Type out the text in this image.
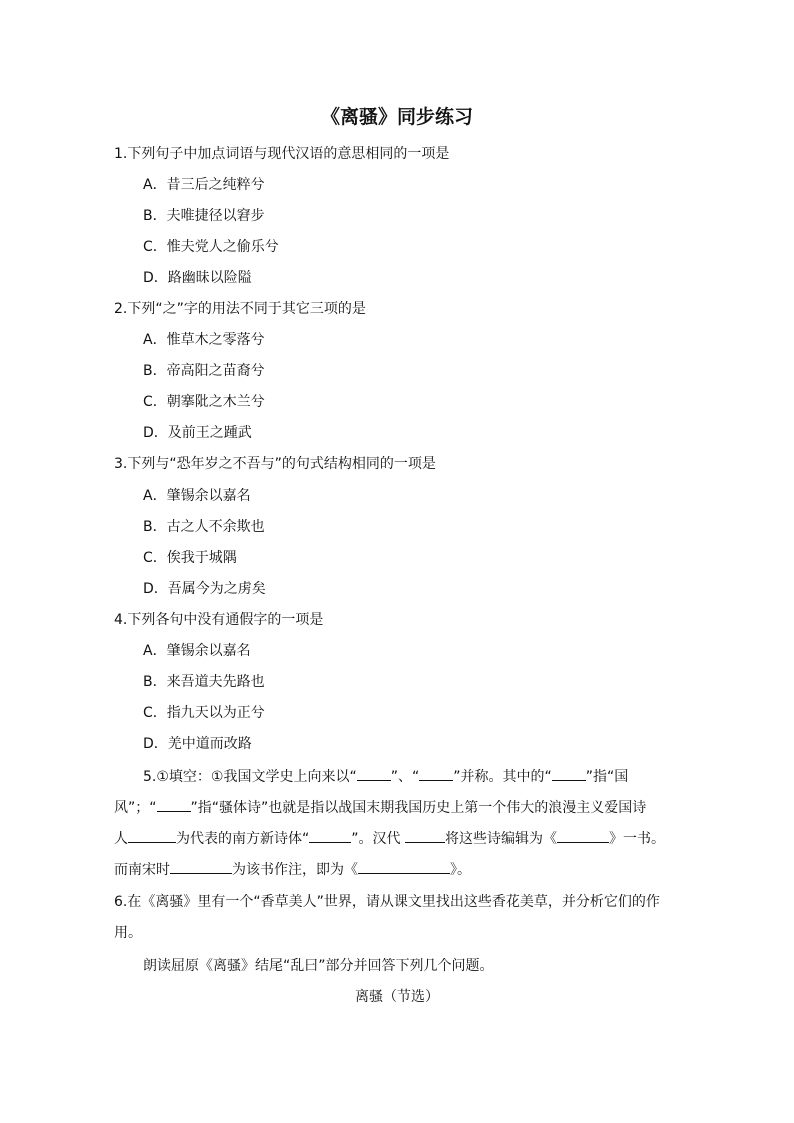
《离骚》同步练习
1.下列句子中加点词语与现代汉语的意思相同的一项是
A．昔三后之纯粹兮
B．夫唯捷径以窘步
C．惟夫党人之偷乐兮
D．路幽昧以险隘
2.下列“之”字的用法不同于其它三项的是
A．惟草木之零落兮
B．帝高阳之苗裔兮
C．朝搴阰之木兰兮
D．及前王之踵武
3.下列与“恐年岁之不吾与”的句式结构相同的一项是
A．肇锡余以嘉名
B．古之人不余欺也
C．俟我于城隅
D．吾属今为之虏矣
4.下列各句中没有通假字的一项是
A．肇锡余以嘉名
B．来吾道夫先路也
C．指九天以为正兮
D．羌中道而改路
5.①填空：①我国文学史上向来以“ ”、“ ”并称。其中的“ ”指“国
风”；“ ”指“骚体诗”也就是指以战国末期我国历史上第一个伟大的浪漫主义爱国诗
人	为代表的南方新诗体“	”。汉代	将这些诗编辑为《	》一书。
而南宋时	为该书作注，即为《	》。
6.在《离骚》里有一个“香草美人”世界，请从课文里找出这些香花美草，并分析它们的作
用。
朗读屈原《离骚》结尾“乱曰”部分并回答下列几个问题。
离骚（节选）
